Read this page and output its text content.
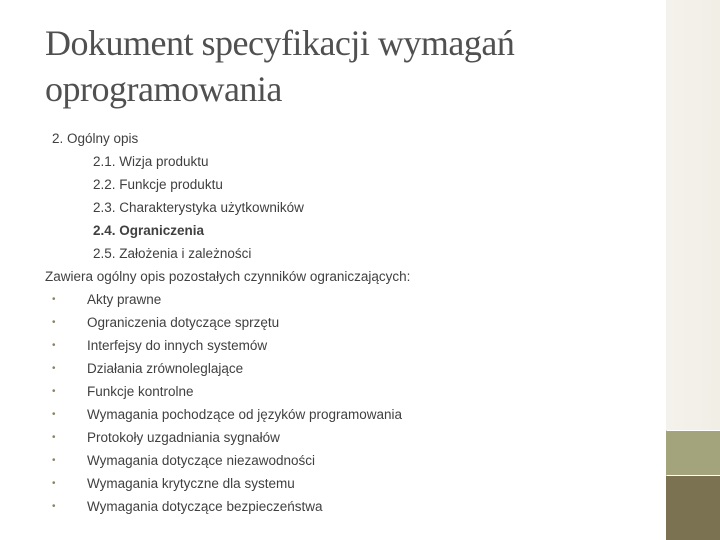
Dokument specyfikacji wymagań
oprogramowania
2. Ogólny opis
2.1. Wizja produktu
2.2. Funkcje produktu
2.3. Charakterystyka użytkowników
2.4. Ograniczenia
2.5. Założenia i zależności
Zawiera ogólny opis pozostałych czynników ograniczających:
• Akty prawne
• Ograniczenia dotyczące sprzętu
• Interfejsy do innych systemów
• Działania zrównoleglające
• Funkcje kontrolne
• Wymagania pochodzące od języków programowania
• Protokoły uzgadniania sygnałów
• Wymagania dotyczące niezawodności
• Wymagania krytyczne dla systemu
• Wymagania dotyczące bezpieczeństwa
